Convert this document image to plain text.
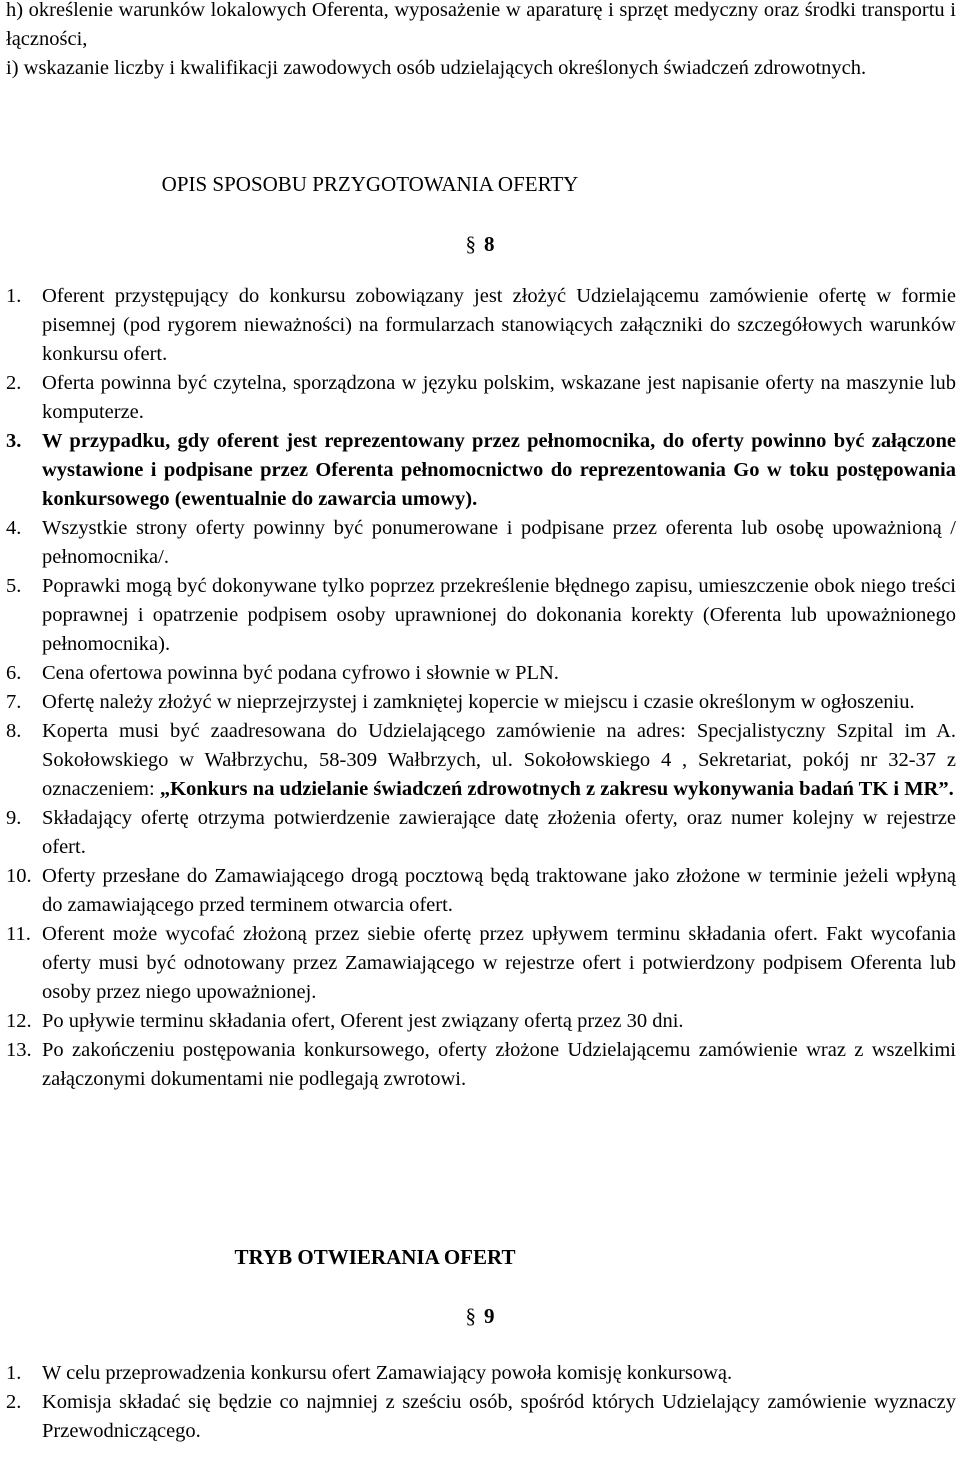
h) określenie warunków lokalowych Oferenta, wyposażenie w aparaturę i sprzęt medyczny oraz środki transportu i łączności,

i) wskazanie liczby i kwalifikacji zawodowych osób udzielających określonych świadczeń zdrowotnych.

OPIS SPOSOBU PRZYGOTOWANIA OFERTY
§ 8
1. Oferent przystępujący do konkursu zobowiązany jest złożyć Udzielającemu zamówienie ofertę w formie pisemnej (pod rygorem nieważności) na formularzach stanowiących załączniki do szczegółowych warunków konkursu ofert.
2. Oferta powinna być czytelna, sporządzona w języku polskim, wskazane jest napisanie oferty na maszynie lub komputerze.
3. W przypadku, gdy oferent jest reprezentowany przez pełnomocnika, do oferty powinno być załączone wystawione i podpisane przez Oferenta pełnomocnictwo do reprezentowania Go w toku postępowania konkursowego (ewentualnie do zawarcia umowy).
4. Wszystkie strony oferty powinny być ponumerowane i podpisane przez oferenta lub osobę upoważnioną / pełnomocnika/.
5. Poprawki mogą być dokonywane tylko poprzez przekreślenie błędnego zapisu, umieszczenie obok niego treści poprawnej i opatrzenie podpisem osoby uprawnionej do dokonania korekty (Oferenta lub upoważnionego pełnomocnika).
6. Cena ofertowa powinna być podana cyfrowo i słownie w PLN.
7. Ofertę należy złożyć w nieprzejrzystej i zamkniętej kopercie w miejscu i czasie określonym w ogłoszeniu.
8. Koperta musi być zaadresowana do Udzielającego zamówienie na adres: Specjalistyczny Szpital im A. Sokołowskiego w Wałbrzychu, 58-309 Wałbrzych, ul. Sokołowskiego 4 , Sekretariat, pokój nr 32-37 z oznaczeniem: „Konkurs na udzielanie świadczeń zdrowotnych z zakresu wykonywania badań TK i MR”.
9. Składający ofertę otrzyma potwierdzenie zawierające datę złożenia oferty, oraz numer kolejny w rejestrze ofert.
10. Oferty przesłane do Zamawiającego drogą pocztową będą traktowane jako złożone w terminie jeżeli wpłyną do zamawiającego przed terminem otwarcia ofert.
11. Oferent może wycofać złożoną przez siebie ofertę przez upływem terminu składania ofert. Fakt wycofania oferty musi być odnotowany przez Zamawiającego w rejestrze ofert i potwierdzony podpisem Oferenta lub osoby przez niego upoważnionej.
12. Po upływie terminu składania ofert, Oferent jest związany ofertą przez 30 dni.
13. Po zakończeniu postępowania konkursowego, oferty złożone Udzielającemu zamówienie wraz z wszelkimi załączonymi dokumentami nie podlegają zwrotowi.
TRYB OTWIERANIA OFERT
§ 9
1. W celu przeprowadzenia konkursu ofert Zamawiający powoła komisję konkursową.
2. Komisja składać się będzie co najmniej z sześciu osób, spośród których Udzielający zamówienie wyznaczy Przewodniczącego.
